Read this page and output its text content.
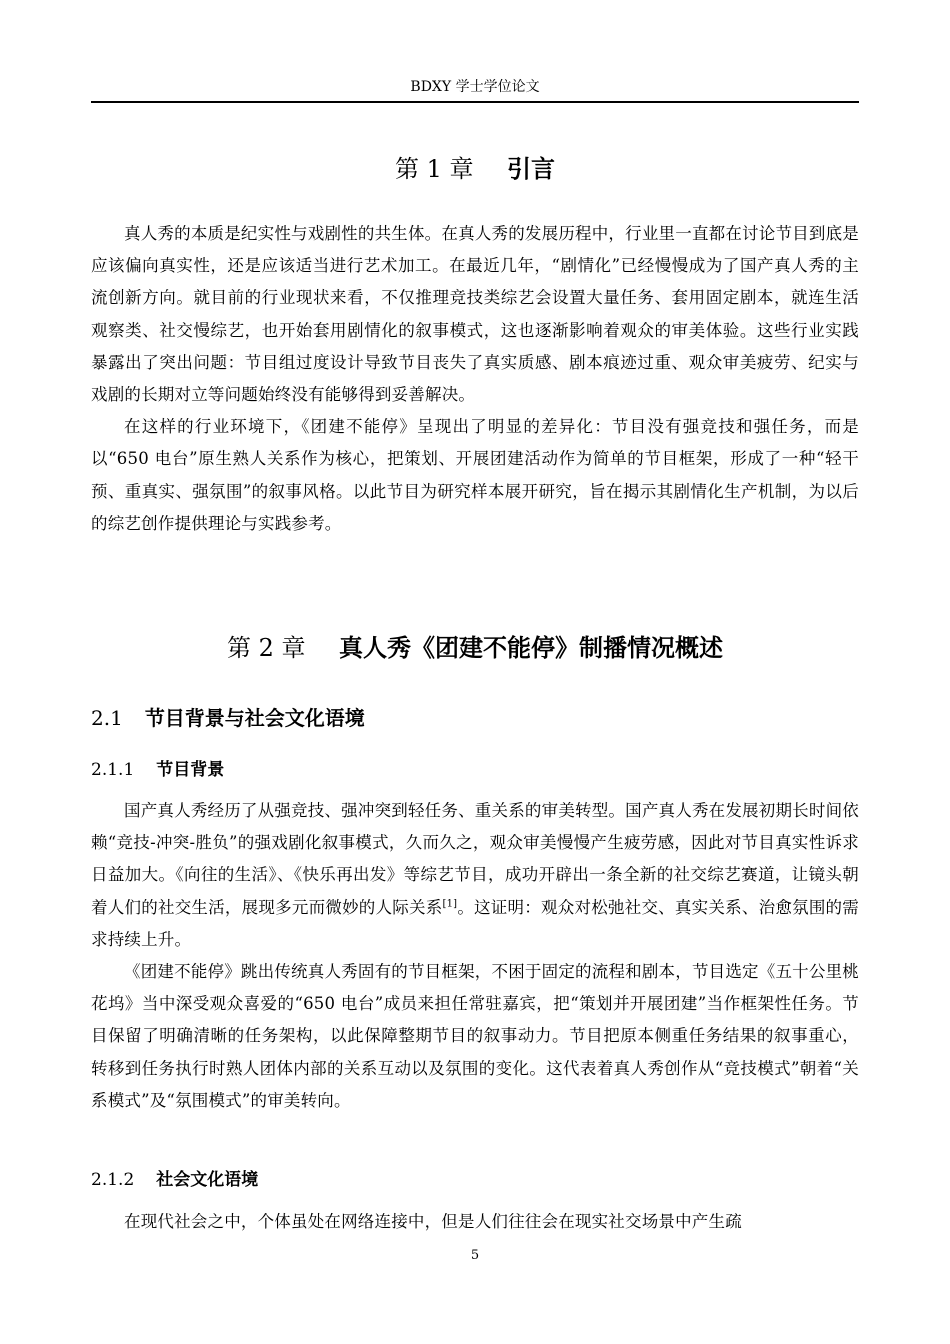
BDXY 学士学位论文
第 1 章 引言

真人秀的本质是纪实性与戏剧性的共生体。在真人秀的发展历程中，行业里一直都在讨论节目到底是应该偏向真实性，还是应该适当进行艺术加工。在最近几年，“剧情化”已经慢慢成为了国产真人秀的主流创新方向。就目前的行业现状来看，不仅推理竞技类综艺会设置大量任务、套用固定剧本，就连生活观察类、社交慢综艺，也开始套用剧情化的叙事模式，这也逐渐影响着观众的审美体验。这些行业实践暴露出了突出问题：节目组过度设计导致节目丧失了真实质感、剧本痕迹过重、观众审美疲劳、纪实与戏剧的长期对立等问题始终没有能够得到妥善解决。

在这样的行业环境下，《团建不能停》呈现出了明显的差异化：节目没有强竞技和强任务，而是以“650 电台”原生熟人关系作为核心，把策划、开展团建活动作为简单的节目框架，形成了一种“轻干预、重真实、强氛围”的叙事风格。以此节目为研究样本展开研究，旨在揭示其剧情化生产机制，为以后的综艺创作提供理论与实践参考。

第 2 章 真人秀《团建不能停》制播情况概述
2.1 节目背景与社会文化语境
2.1.1 节目背景

国产真人秀经历了从强竞技、强冲突到轻任务、重关系的审美转型。国产真人秀在发展初期长时间依赖“竞技-冲突-胜负”的强戏剧化叙事模式，久而久之，观众审美慢慢产生疲劳感，因此对节目真实性诉求日益加大。《向往的生活》、《快乐再出发》等综艺节目，成功开辟出一条全新的社交综艺赛道，让镜头朝着人们的社交生活，展现多元而微妙的人际关系[1]。这证明：观众对松弛社交、真实关系、治愈氛围的需求持续上升。

《团建不能停》跳出传统真人秀固有的节目框架，不困于固定的流程和剧本，节目选定《五十公里桃花坞》当中深受观众喜爱的“650 电台”成员来担任常驻嘉宾，把“策划并开展团建”当作框架性任务。节目保留了明确清晰的任务架构，以此保障整期节目的叙事动力。节目把原本侧重任务结果的叙事重心，转移到任务执行时熟人团体内部的关系互动以及氛围的变化。这代表着真人秀创作从“竞技模式”朝着“关系模式”及“氛围模式”的审美转向。

2.1.2 社会文化语境

在现代社会之中，个体虽处在网络连接中，但是人们往往会在现实社交场景中产生疏

5
